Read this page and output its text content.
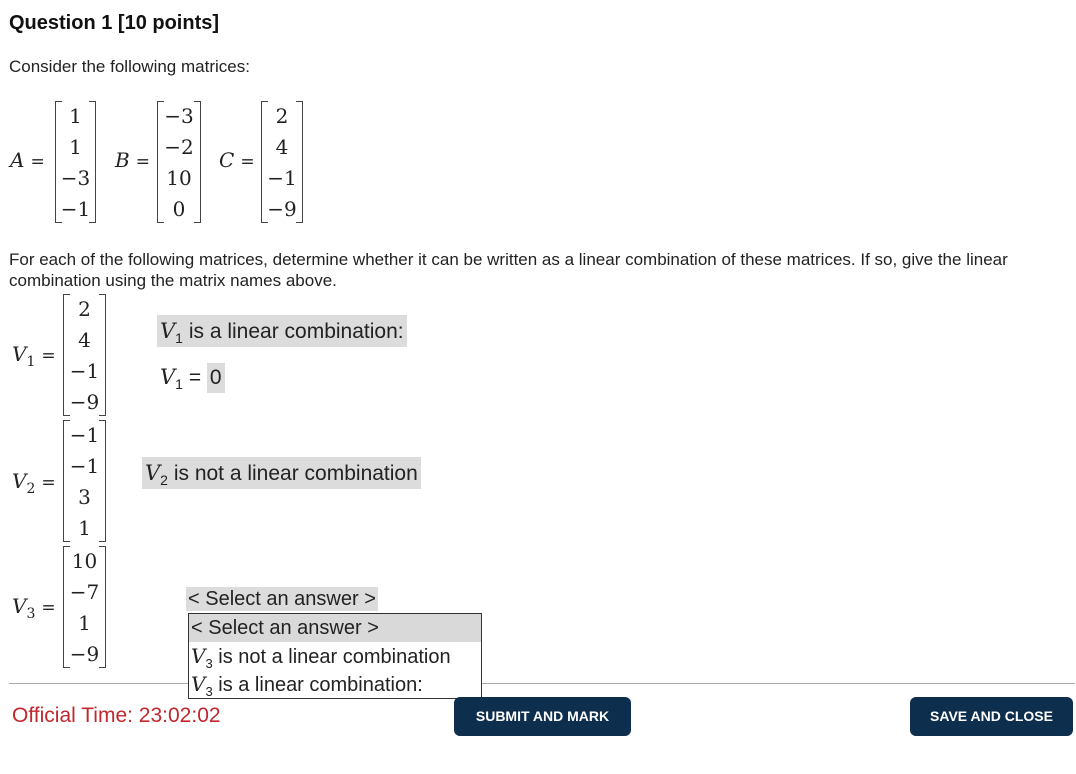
Question 1 [10 points]
Consider the following matrices:
A =
1
1
−3
−1
B =
−3
−2
10
0
C =
2
4
−1
−9
For each of the following matrices, determine whether it can be written as a linear combination of these matrices. If so, give the linear combination using the matrix names above.
$V_1$ =
2
4
−1
−9
$V_1$ is a linear combination:
$V_1 = 0$
$V_2$ =
−1
−1
3
1
$V_2$ is not a linear combination
$V_3$ =
10
−7
1
−9
< Select an answer >
< Select an answer >
$V_3$ is not a linear combination
$V_3$ is a linear combination:
Official Time: 23:02:02	SUBMIT AND MARK	SAVE AND CLOSE
